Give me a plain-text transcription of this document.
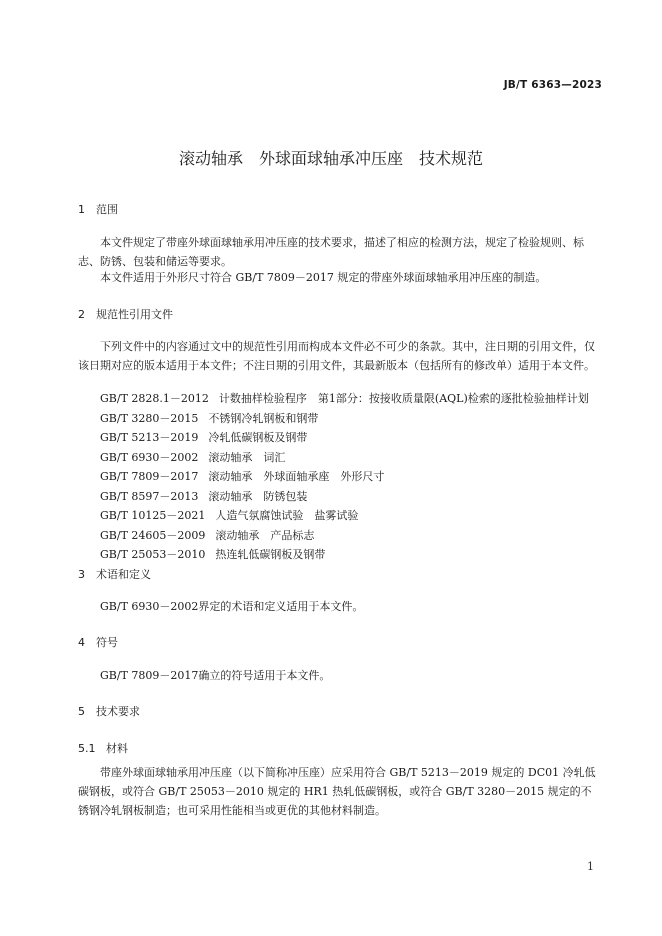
JB/T 6363—2023
滚动轴承　外球面球轴承冲压座　技术规范
1 范围

本文件规定了带座外球面球轴承用冲压座的技术要求，描述了相应的检测方法，规定了检验规则、标志、防锈、包装和储运等要求。

本文件适用于外形尺寸符合 GB/T 7809－2017 规定的带座外球面球轴承用冲压座的制造。

2 规范性引用文件

下列文件中的内容通过文中的规范性引用而构成本文件必不可少的条款。其中，注日期的引用文件，仅该日期对应的版本适用于本文件；不注日期的引用文件，其最新版本（包括所有的修改单）适用于本文件。

GB/T 2828.1－2012 计数抽样检验程序　第1部分：按接收质量限(AQL)检索的逐批检验抽样计划
GB/T 3280－2015 不锈钢冷轧钢板和钢带
GB/T 5213－2019 冷轧低碳钢板及钢带
GB/T 6930－2002 滚动轴承　词汇
GB/T 7809－2017 滚动轴承　外球面轴承座　外形尺寸
GB/T 8597－2013 滚动轴承　防锈包装
GB/T 10125－2021 人造气氛腐蚀试验　盐雾试验
GB/T 24605－2009 滚动轴承　产品标志
GB/T 25053－2010 热连轧低碳钢板及钢带
3 术语和定义

GB/T 6930－2002界定的术语和定义适用于本文件。

4 符号

GB/T 7809－2017确立的符号适用于本文件。

5 技术要求
5.1 材料

带座外球面球轴承用冲压座（以下简称冲压座）应采用符合 GB/T 5213－2019 规定的 DC01 冷轧低碳钢板，或符合 GB/T 25053－2010 规定的 HR1 热轧低碳钢板，或符合 GB/T 3280－2015 规定的不锈钢冷轧钢板制造；也可采用性能相当或更优的其他材料制造。

1
